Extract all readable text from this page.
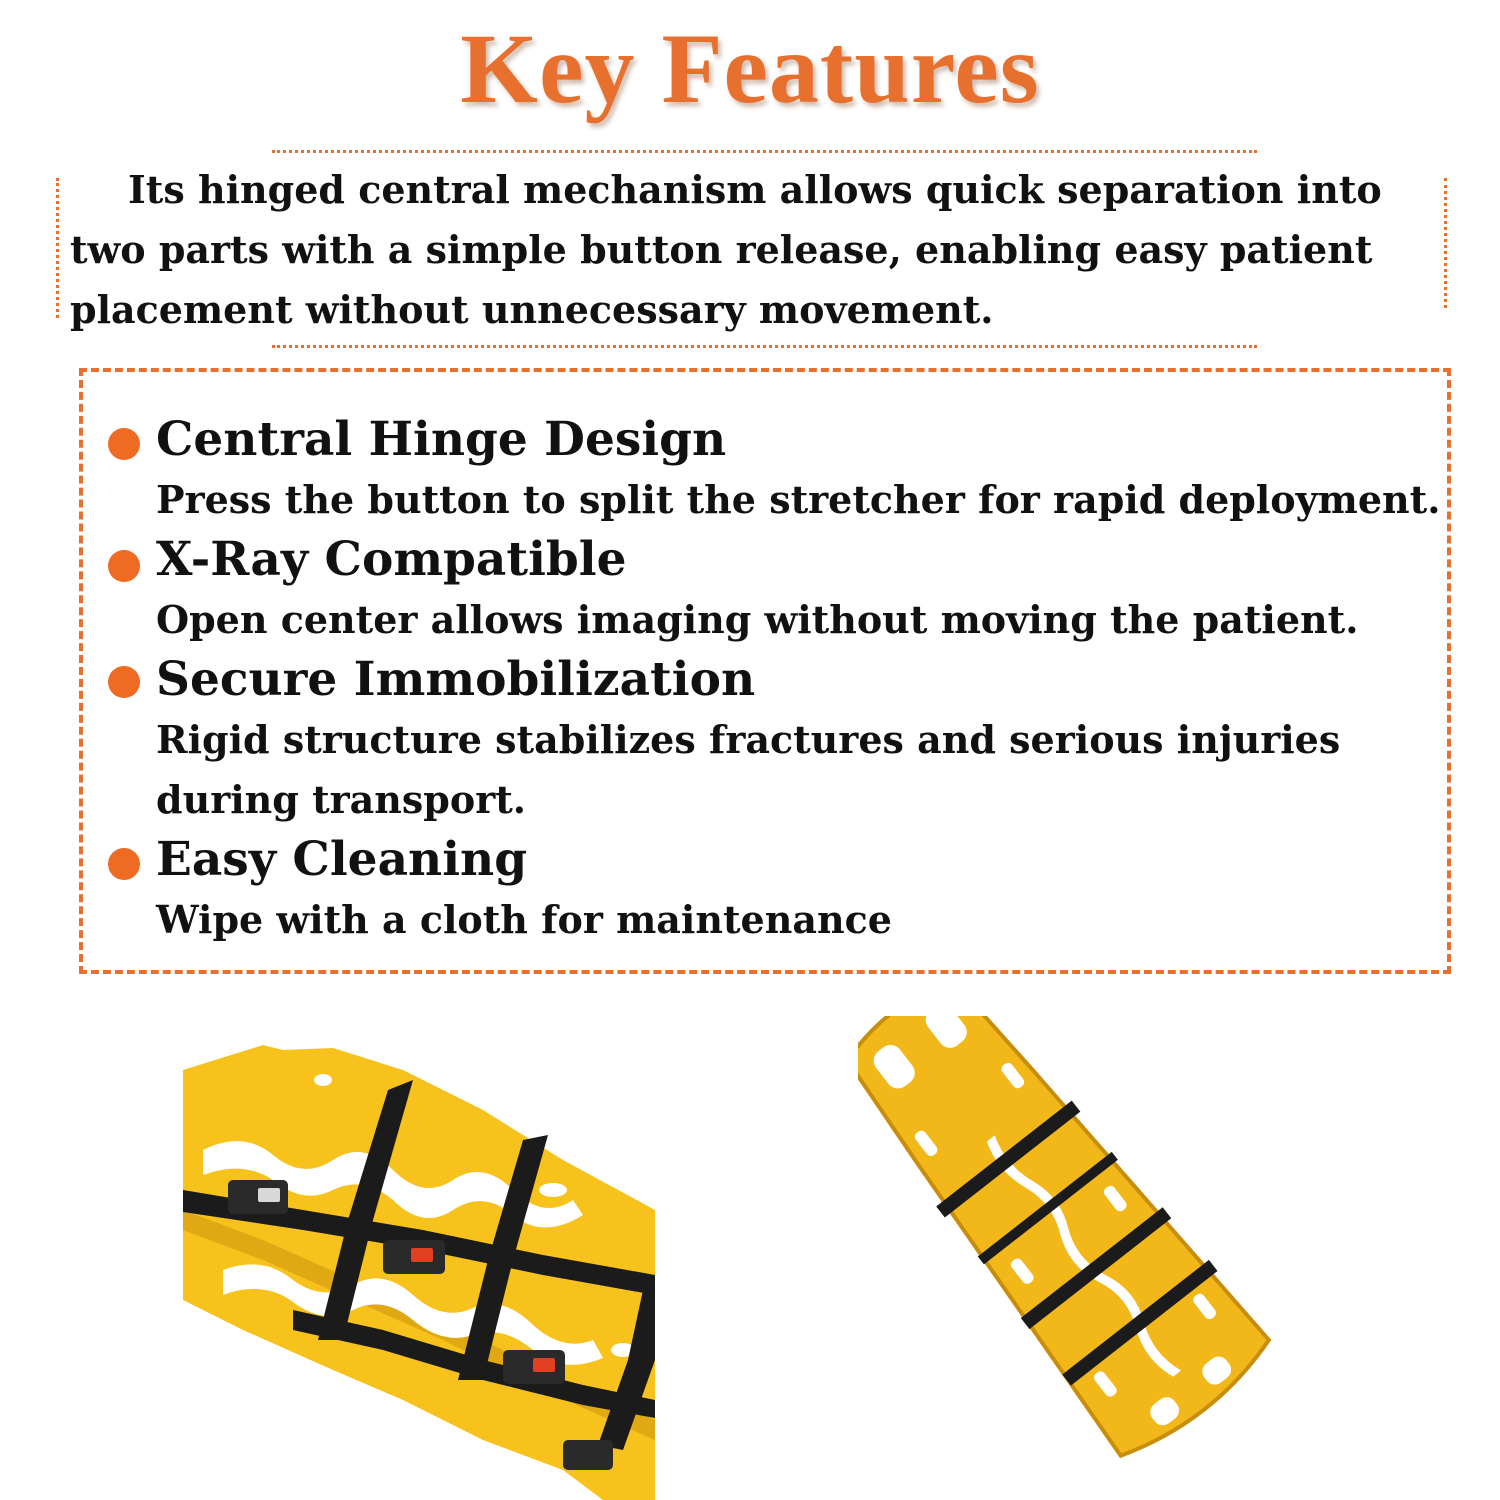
Key Features
Its hinged central mechanism allows quick separation into two parts with a simple button release, enabling easy patient placement without unnecessary movement.
Central Hinge Design
Press the button to split the stretcher for rapid deployment.
X-Ray Compatible
Open center allows imaging without moving the patient.
Secure Immobilization
Rigid structure stabilizes fractures and serious injuries during transport.
Easy Cleaning
Wipe with a cloth for maintenance
